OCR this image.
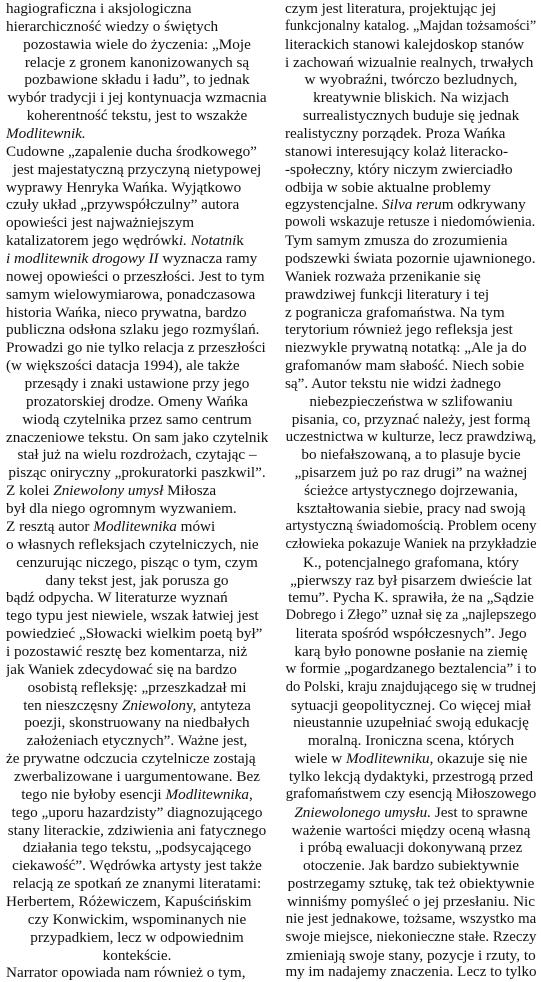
hagiograficzna i aksjologiczna
hierarchiczność wiedzy o świętych
pozostawia wiele do życzenia: „Moje
relacje z gronem kanonizowanych są
pozbawione składu i ładu”, to jednak
wybór tradycji i jej kontynuacja wzmacnia
koherentność tekstu, jest to wszakże
Modlitewnik.
Cudowne „zapalenie ducha środkowego”
jest majestatyczną przyczyną nietypowej
wyprawy Henryka Wańka. Wyjątkowo
czuły układ „przywspółczulny” autora
opowieści jest najważniejszym
katalizatorem jego wędrówki. Notatnik
i modlitewnik drogowy II wyznacza ramy
nowej opowieści o przeszłości. Jest to tym
samym wielowymiarowa, ponadczasowa
historia Wańka, nieco prywatna, bardzo
publiczna odsłona szlaku jego rozmyślań.
Prowadzi go nie tylko relacja z przeszłości
(w większości datacja 1994), ale także
przesądy i znaki ustawione przy jego
prozatorskiej drodze. Omeny Wańka
wiodą czytelnika przez samo centrum
znaczeniowe tekstu. On sam jako czytelnik
stał już na wielu rozdrożach, czytając –
pisząc oniryczny „prokuratorki paszkwil”.
Z kolei Zniewolony umysł Miłosza
był dla niego ogromnym wyzwaniem.
Z resztą autor Modlitewnika mówi
o własnych refleksjach czytelniczych, nie
cenzurując niczego, pisząc o tym, czym
dany tekst jest, jak porusza go
bądź odpycha. W literaturze wyznań
tego typu jest niewiele, wszak łatwiej jest
powiedzieć „Słowacki wielkim poetą był”
i pozostawić resztę bez komentarza, niż
jak Waniek zdecydować się na bardzo
osobistą refleksję: „przeszkadzał mi
ten nieszczęsny Zniewolony, antyteza
poezji, skonstruowany na niedbałych
założeniach etycznych”. Ważne jest,
że prywatne odczucia czytelnicze zostają
zwerbalizowane i uargumentowane. Bez
tego nie byłoby esencji Modlitewnika,
tego „uporu hazardzisty” diagnozującego
stany literackie, zdziwienia ani fatycznego
działania tego tekstu, „podsycającego
ciekawość”. Wędrówka artysty jest także
relacją ze spotkań ze znanymi literatami:
Herbertem, Różewiczem, Kapuścińskim
czy Konwickim, wspominanych nie
przypadkiem, lecz w odpowiednim
kontekście.
Narrator opowiada nam również o tym,
czym jest literatura, projektując jej
funkcjonalny katalog. „Majdan tożsamości”
literackich stanowi kalejdoskop stanów
i zachowań wizualnie realnych, trwałych
w wyobraźni, twórczo bezludnych,
kreatywnie bliskich. Na wizjach
surrealistycznych buduje się jednak
realistyczny porządek. Proza Wańka
stanowi interesujący kolaż literacko-
-społeczny, który niczym zwierciadło
odbija w sobie aktualne problemy
egzystencjalne. Silva rerum odkrywany
powoli wskazuje retusze i niedomówienia.
Tym samym zmusza do zrozumienia
podszewki świata pozornie ujawnionego.
Waniek rozważa przenikanie się
prawdziwej funkcji literatury i tej
z pogranicza grafomaństwa. Na tym
terytorium również jego refleksja jest
niezwykle prywatną notatką: „Ale ja do
grafomanów mam słabość. Niech sobie
są”. Autor tekstu nie widzi żadnego
niebezpieczeństwa w szlifowaniu
pisania, co, przyznać należy, jest formą
uczestnictwa w kulturze, lecz prawdziwą,
bo niefałszowaną, a to plasuje bycie
„pisarzem już po raz drugi” na ważnej
ścieżce artystycznego dojrzewania,
kształtowania siebie, pracy nad swoją
artystyczną świadomością. Problem oceny
człowieka pokazuje Waniek na przykładzie
K., potencjalnego grafomana, który
„pierwszy raz był pisarzem dwieście lat
temu”. Pycha K. sprawiła, że na „Sądzie
Dobrego i Złego” uznał się za „najlepszego
literata spośród współczesnych”. Jego
karą było ponowne posłanie na ziemię
w formie „pogardzanego beztalencia” i to
do Polski, kraju znajdującego się w trudnej
sytuacji geopolitycznej. Co więcej miał
nieustannie uzupełniać swoją edukację
moralną. Ironiczna scena, których
wiele w Modlitewniku, okazuje się nie
tylko lekcją dydaktyki, przestrogą przed
grafomaństwem czy esencją Miłoszowego
Zniewolonego umysłu. Jest to sprawne
ważenie wartości między oceną własną
i próbą ewaluacji dokonywaną przez
otoczenie. Jak bardzo subiektywnie
postrzegamy sztukę, tak też obiektywnie
winniśmy pomyśleć o jej przesłaniu. Nic
nie jest jednakowe, tożsame, wszystko ma
swoje miejsce, niekonieczne stałe. Rzeczy
zmieniają swoje stany, pozycje i rzuty, to
my im nadajemy znaczenia. Lecz to tylko
